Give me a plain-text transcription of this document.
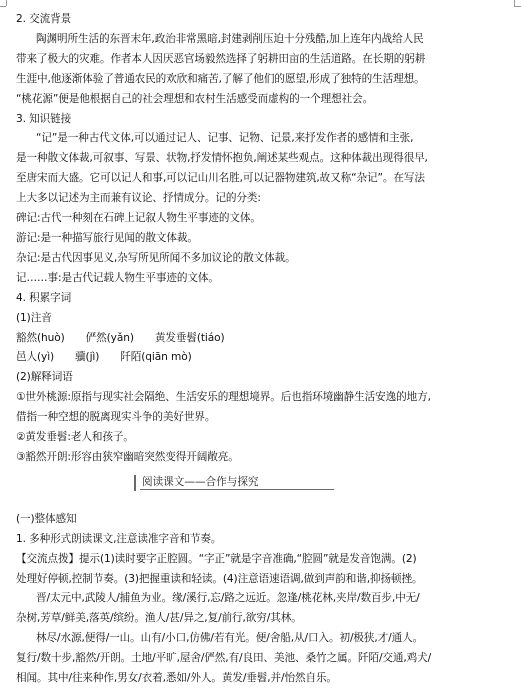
2. 交流背景
陶渊明所生活的东晋末年,政治非常黑暗,封建剥削压迫十分残酷,加上连年内战给人民
带来了极大的灾难。作者本人因厌恶官场毅然选择了躬耕田亩的生活道路。在长期的躬耕
生涯中,他逐渐体验了普通农民的欢欣和痛苦,了解了他们的愿望,形成了独特的生活理想。
“桃花源”便是他根据自己的社会理想和农村生活感受而虚构的一个理想社会。
3. 知识链接
“记”是一种古代文体,可以通过记人、记事、记物、记景,来抒发作者的感情和主张,
是一种散文体裁,可叙事、写景、状物,抒发情怀抱负,阐述某些观点。这种体裁出现得很早,
至唐宋而大盛。它可以记人和事,可以记山川名胜,可以记器物建筑,故又称“杂记”。在写法
上大多以记述为主而兼有议论、抒情成分。记的分类:
碑记:古代一种刻在石碑上记叙人物生平事迹的文体。
游记:是一种描写旅行见闻的散文体裁。
杂记:是古代因事见义,杂写所见所闻不多加议论的散文体裁。
记……事:是古代记载人物生平事迹的文体。
4. 积累字词
(1)注音
豁然(huò)　　俨然(yǎn)　　黄发垂髫(tiáo)
邑人(yì)　　骥(jì)　　阡陌(qiān mò)
(2)解释词语
①世外桃源:原指与现实社会隔绝、生活安乐的理想境界。后也指环境幽静生活安逸的地方,
借指一种空想的脱离现实斗争的美好世界。
②黄发垂髫:老人和孩子。
③豁然开朗:形容由狭窄幽暗突然变得开阔敞亮。
阅读课文——合作与探究
(一)整体感知
1. 多种形式朗读课文,注意读准字音和节奏。
【交流点拨】提示(1)读时要字正腔圆。“字正”就是字音准确,“腔圆”就是发音饱满。(2)
处理好停顿,控制节奏。(3)把握重读和轻读。(4)注意语速语调,做到声韵和谐,抑扬顿挫。
晋/太元中,武陵人/捕鱼为业。缘/溪行,忘/路之远近。忽逢/桃花林,夹岸/数百步,中无/
杂树,芳草/鲜美,落英/缤纷。渔人/甚/异之,复/前行,欲穷/其林。
林尽/水源,便得/一山。山有/小口,仿佛/若有光。便/舍船,从/口入。初/极狭,才/通人。
复行/数十步,豁然/开朗。土地/平旷,屋舍/俨然,有/良田、美池、桑竹之属。阡陌/交通,鸡犬/
相闻。其中/往来种作,男女/衣着,悉如/外人。黄发/垂髫,并/怡然自乐。
